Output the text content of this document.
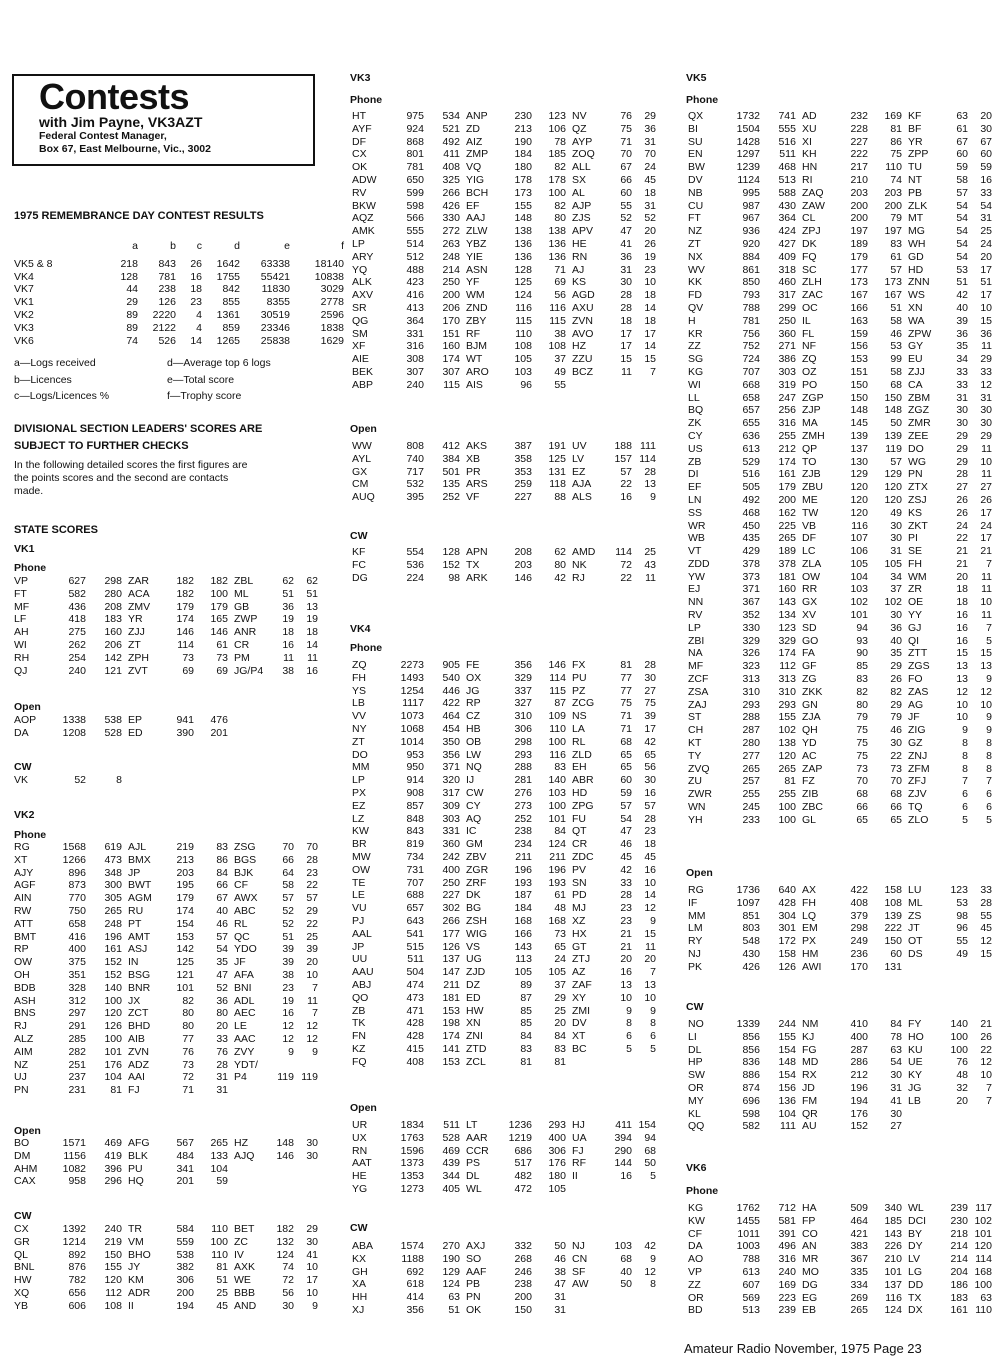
Contests
with Jim Payne, VK3AZT
Federal Contest Manager,
Box 67, East Melbourne, Vic., 3002
1975 REMEMBRANCE DAY CONTEST RESULTS
a	b	c	d	e	f
VK5 & 8	218	843	26	1642	63338	18140
VK4	128	781	16	1755	55421	10838
VK7	44	238	18	842	11830	3029
VK1	29	126	23	855	8355	2778
VK2	89	2220	4	1361	30519	2596
VK3	89	2122	4	859	23346	1838
VK6	74	526	14	1265	25838	1629
a—Logs received	d—Average top 6 logs
b—Licences	e—Total score
c—Logs/Licences %	f—Trophy score
DIVISIONAL SECTION LEADERS' SCORES ARE
SUBJECT TO FURTHER CHECKS
In the following detailed scores the first figures are
the points scores and the second are contacts
made.
STATE SCORES
VK1
Phone
VP	627	298 ZAR	182	182 ZBL	62	62
FT	582	280 ACA	182	100 ML	51	51
MF	436	208 ZMV	179	179 GB	36	13
LF	418	183 YR	174	165 ZWP	19	19
AH	275	160 ZJJ	146	146 ANR	18	18
WI	262	206 ZT	114	61 CR	16	14
RH	254	142 ZPH	73	73 PM	11	11
QJ	240	121 ZVT	69	69 JG/P4	38	16
Open
AOP	1338	538 EP	941	476
DA	1208	528 ED	390	201
CW
VK	52	8
VK2
Phone
RG	1568	619 AJL	219	83 ZSG	70	70
XT	1266	473 BMX	213	86 BGS	66	28
AJY	896	348 JP	203	84 BJK	64	23
AGF	873	300 BWT	195	66 CF	58	22
AIN	770	305 AGM	179	67 AWX	57	57
RW	750	265 RU	174	40 ABC	52	29
ATT	658	248 PT	154	46 RL	52	22
BMT	416	196 AMT	153	57 QC	51	25
RP	400	161 ASJ	142	54 YDO	39	39
OW	375	152 IN	125	35 JF	39	20
OH	351	152 BSG	121	47 AFA	38	10
BDB	328	140 BNR	101	52 BNI	23	7
ASH	312	100 JX	82	36 ADL	19	11
BNS	297	120 ZCT	80	80 AEC	16	7
RJ	291	126 BHD	80	20 LE	12	12
ALZ	285	100 AIB	77	33 AAC	12	12
AIM	282	101 ZVN	76	76 ZVY	9	9
NZ	251	176 ADZ	73	28 YDT/
UJ	237	104 AAI	72	31 P4	119 119
PN	231	81 FJ	71	31
Open
BO	1571	469 AFG	567	265 HZ	148	30
DM	1156	419 BLK	484	133 AJQ	146	30
AHM	1082	396 PU	341	104
CAX	958	296 HQ	201	59
CW
CX	1392	240 TR	584	110 BET	182	29
GR	1214	219 VM	559	100 ZC	132	30
QL	892	150 BHO	538	110 IV	124	41
BNL	876	155 JY	382	81 AXK	74	10
HW	782	120 KM	306	51 WE	72	17
XQ	656	112 ADR	200	25 BBB	56	10
YB	606	108 II	194	45 AND	30	9
VK3
Phone
HT	975	534 ANP	230	123 NV	76	29
AYF	924	521 ZD	213	106 QZ	75	36
DF	868	492 AIZ	190	78 AYP	71	31
CX	801	411 ZMP	184	185 ZOQ	70	70
OK	781	408 VQ	180	82 ALL	67	24
ADW	650	325 YIG	178	178 SX	66	45
RV	599	266 BCH	173	100 AL	60	18
BKW	598	426 EF	155	82 AJP	55	31
AQZ	566	330 AAJ	148	80 ZJS	52	52
AMK	555	272 ZLW	138	138 APV	47	20
LP	514	263 YBZ	136	136 HE	41	26
ARY	512	248 YIE	136	136 RN	36	19
YQ	488	214 ASN	128	71 AJ	31	23
ALK	423	250 YF	125	69 KS	30	10
AXV	416	200 WM	124	56 AGD	28	18
SR	413	206 ZND	116	116 AXU	28	14
QG	364	170 ZBY	115	115 ZVN	18	18
SM	331	151 RF	110	38 AVO	17	17
XF	316	160 BJM	108	108 HZ	17	14
AIE	308	174 WT	105	37 ZZU	15	15
BEK	307	307 ARO	103	49 BCZ	11	7
ABP	240	115 AIS	96	55
Open
WW	808	412 AKS	387	191 UV	188 111
AYL	740	384 XB	358	125 LV	157 114
GX	717	501 PR	353	131 EZ	57	28
CM	532	135 ARS	259	118 AJA	22	13
AUQ	395	252 VF	227	88 ALS	16	9
CW
KF	554	128 APN	208	62 AMD	114	25
FC	536	152 TX	203	80 NK	72	43
DG	224	98 ARK	146	42 RJ	22	11
VK4
Phone
ZQ	2273	905 FE	356	146 FX	81	28
FH	1493	540 OX	329	114 PU	77	30
YS	1254	446 JG	337	115 PZ	77	27
LB	1117	422 RP	327	87 ZCG	75	75
VV	1073	464 CZ	310	109 NS	71	39
NY	1068	454 HB	306	110 LA	71	17
ZT	1014	350 OB	298	100 RL	68	42
DO	953	356 LW	293	116 ZLD	65	65
MM	950	371 NQ	288	83 EH	65	56
LP	914	320 IJ	281	140 ABR	60	30
PX	908	317 CW	276	103 HD	59	16
EZ	857	309 CY	273	100 ZPG	57	57
LZ	848	303 AQ	252	101 FU	54	28
KW	843	331 IC	238	84 QT	47	23
BR	819	360 GM	234	124 CR	46	18
MW	734	242 ZBV	211	211 ZDC	45	45
OW	731	400 ZGR	196	196 PV	42	16
TE	707	250 ZRF	193	193 SN	33	10
LE	688	227 DK	187	61 PD	28	14
VU	657	302 BG	184	48 MJ	23	12
PJ	643	266 ZSH	168	168 XZ	23	9
AAL	541	177 WIG	166	73 HX	21	15
JP	515	126 VS	143	65 GT	21	11
UU	511	137 UG	113	24 ZTJ	20	20
AAU	504	147 ZJD	105	105 AZ	16	7
ABJ	474	211 DZ	89	37 ZAF	13	13
QO	473	181 ED	87	29 XY	10	10
ZB	471	153 HW	85	25 ZMI	9	9
TK	428	198 XN	85	20 DV	8	8
FN	428	174 ZNI	84	84 XT	6	6
KZ	415	141 ZTD	83	83 BC	5	5
FQ	408	153 ZCL	81	81
Open
UR	1834	511 LT	1236	293 HJ	411 154
UX	1763	528 AAR	1219	400 UA	394	94
RN	1596	469 CCR	686	306 FJ	290	68
AAT	1373	439 PS	517	176 RF	144	50
HE	1353	344 DL	482	180 II	16	5
YG	1273	405 WL	472	105
CW
ABA	1574	270 AXJ	332	50 NJ	103	42
KX	1188	190 SO	268	46 CN	68	9
GH	692	129 AAF	246	38 SF	40	12
XA	618	124 PB	238	47 AW	50	8
HH	414	63 PN	200	31
XJ	356	51 OK	150	31
VK5
Phone
QX	1732	741 AD	232	169 KF	63	20
BI	1504	555 XU	228	81 BF	61	30
SU	1428	516 XI	227	86 YR	67	67
EN	1297	511 KH	222	75 ZPP	60	60
BW	1239	468 HN	217	110 TU	59	59
DV	1124	513 RI	210	74 NT	58	16
NB	995	588 ZAQ	203	203 PB	57	33
CU	987	430 ZAW	200	200 ZLK	54	54
FT	967	364 CL	200	79 MT	54	31
NZ	936	424 ZPJ	197	197 MG	54	25
ZT	920	427 DK	189	83 WH	54	24
NX	884	409 FQ	179	61 GD	54	20
WV	861	318 SC	177	57 HD	53	17
KK	850	460 ZLH	173	173 ZNN	51	51
FD	793	317 ZAC	167	167 WS	42	17
QV	788	299 OC	166	51 XN	40	10
H	781	250 IL	163	58 WA	39	15
KR	756	360 FL	159	46 ZPW	36	36
ZZ	752	271 NF	156	53 GY	35	11
SG	724	386 ZQ	153	99 EU	34	29
KG	707	303 OZ	151	58 ZJJ	33	33
WI	668	319 PO	150	68 CA	33	12
LL	658	247 ZGP	150	150 ZBM	31	31
BQ	657	256 ZJP	148	148 ZGZ	30	30
ZK	655	316 MA	145	50 ZMR	30	30
CY	636	255 ZMH	139	139 ZEE	29	29
US	613	212 QP	137	119 DO	29	11
ZB	529	174 TO	130	57 WG	29	10
DI	516	161 ZJB	129	129 PN	28	11
EF	505	179 ZBU	120	120 ZTX	27	27
LN	492	200 ME	120	120 ZSJ	26	26
SS	468	162 TW	120	49 KS	26	17
WR	450	225 VB	116	30 ZKT	24	24
WB	435	265 DF	107	30 PI	22	17
VT	429	189 LC	106	31 SE	21	21
ZDD	378	378 ZLA	105	105 FH	21	7
YW	373	181 OW	104	34 WM	20	11
EJ	371	160 RR	103	37 ZR	18	11
NN	367	143 GX	102	102 OE	18	10
RV	352	134 XV	101	30 YY	16	11
LP	330	123 SD	94	36 GJ	16	7
ZBI	329	329 GO	93	40 QI	16	5
NA	326	174 FA	90	35 ZTT	15	15
MF	323	112 GF	85	29 ZGS	13	13
ZCF	313	313 ZG	83	26 FO	13	9
ZSA	310	310 ZKK	82	82 ZAS	12	12
ZAJ	293	293 GN	80	29 AG	10	10
ST	288	155 ZJA	79	79 JF	10	9
CH	287	102 QH	75	46 ZIG	9	9
KT	280	138 YD	75	30 GZ	8	8
TY	277	120 AC	75	22 ZNJ	8	8
ZVQ	265	265 ZAP	73	73 ZFM	8	8
ZU	257	81 FZ	70	70 ZFJ	7	7
ZWR	255	255 ZIB	68	68 ZJV	6	6
WN	245	100 ZBC	66	66 TQ	6	6
YH	233	100 GL	65	65 ZLO	5	5
Open
RG	1736	640 AX	422	158 LU	123	33
IF	1097	428 FH	408	108 ML	53	28
MM	851	304 LQ	379	139 ZS	98	55
LM	803	301 EM	298	222 JT	96	45
RY	548	172 PX	249	150 OT	55	12
NJ	430	158 HM	236	60 DS	49	15
PK	426	126 AWI	170	131
CW
NO	1339	244 NM	410	84 FY	140	21
LI	856	155 KJ	400	78 HO	100	26
DL	856	154 FG	287	63 KU	100	22
HP	836	148 MD	286	54 UE	76	12
SW	886	154 RX	212	30 KY	48	10
OR	874	156 JD	196	31 JG	32	7
MY	696	136 FM	194	41 LB	20	7
KL	598	104 QR	176	30
QQ	582	111 AU	152	27
VK6
Phone
KG	1762	712 HA	509	340 WL	239 117
KW	1455	581 FP	464	185 DCI	230 102
CF	1011	391 CO	421	143 BY	218 101
DA	1003	496 AN	383	226 DY	214 120
AO	788	316 MR	367	210 LV	214 114
VP	613	240 MO	335	101 LG	204 168
ZZ	607	169 DG	334	137 DD	186 100
OR	569	223 EG	269	116 TX	183	63
BD	513	239 EB	265	124 DX	161 110
Amateur Radio November, 1975 Page 23
